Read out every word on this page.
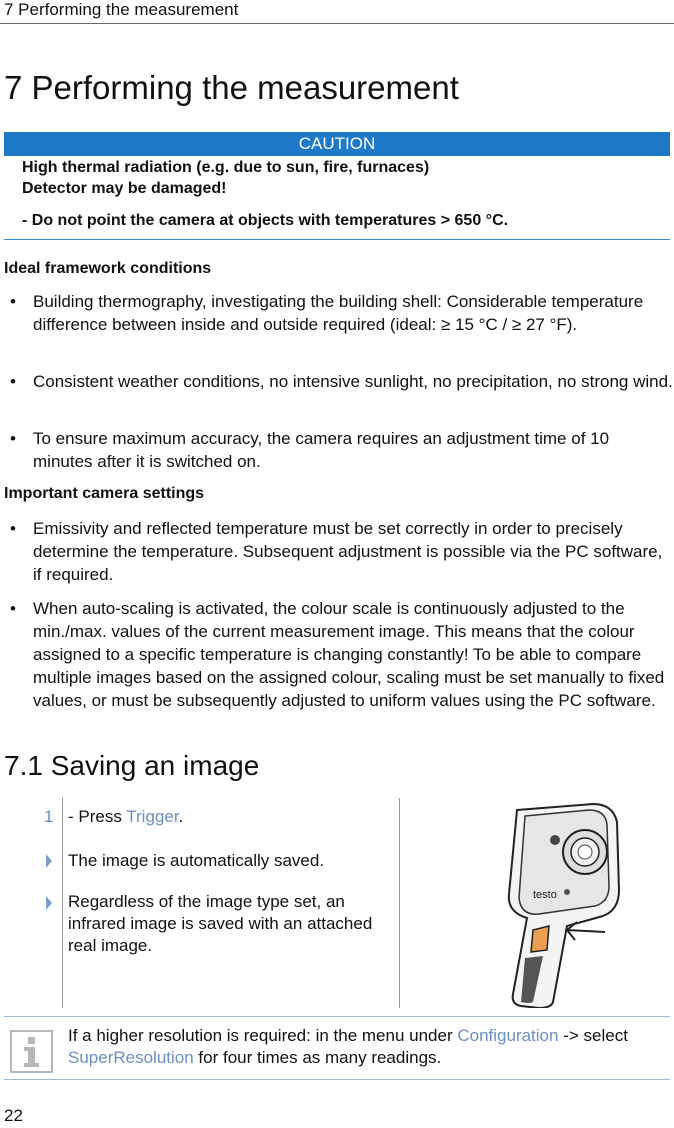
7 Performing the measurement
7 Performing the measurement
CAUTION
High thermal radiation (e.g. due to sun, fire, furnaces)
Detector may be damaged!
- Do not point the camera at objects with temperatures > 650 °C.
Ideal framework conditions
• Building thermography, investigating the building shell: Considerable temperature difference between inside and outside required (ideal: ≥ 15 °C / ≥ 27 °F).
• Consistent weather conditions, no intensive sunlight, no precipitation, no strong wind.
• To ensure maximum accuracy, the camera requires an adjustment time of 10 minutes after it is switched on.
Important camera settings
• Emissivity and reflected temperature must be set correctly in order to precisely determine the temperature. Subsequent adjustment is possible via the PC software, if required.
• When auto-scaling is activated, the colour scale is continuously adjusted to the min./max. values of the current measurement image. This means that the colour assigned to a specific temperature is changing constantly! To be able to compare multiple images based on the assigned colour, scaling must be set manually to fixed values, or must be subsequently adjusted to uniform values using the PC software.
7.1 Saving an image
1 - Press Trigger.
The image is automatically saved.
Regardless of the image type set, an infrared image is saved with an attached real image.
testo
If a higher resolution is required: in the menu under Configuration -> select SuperResolution for four times as many readings.
22
